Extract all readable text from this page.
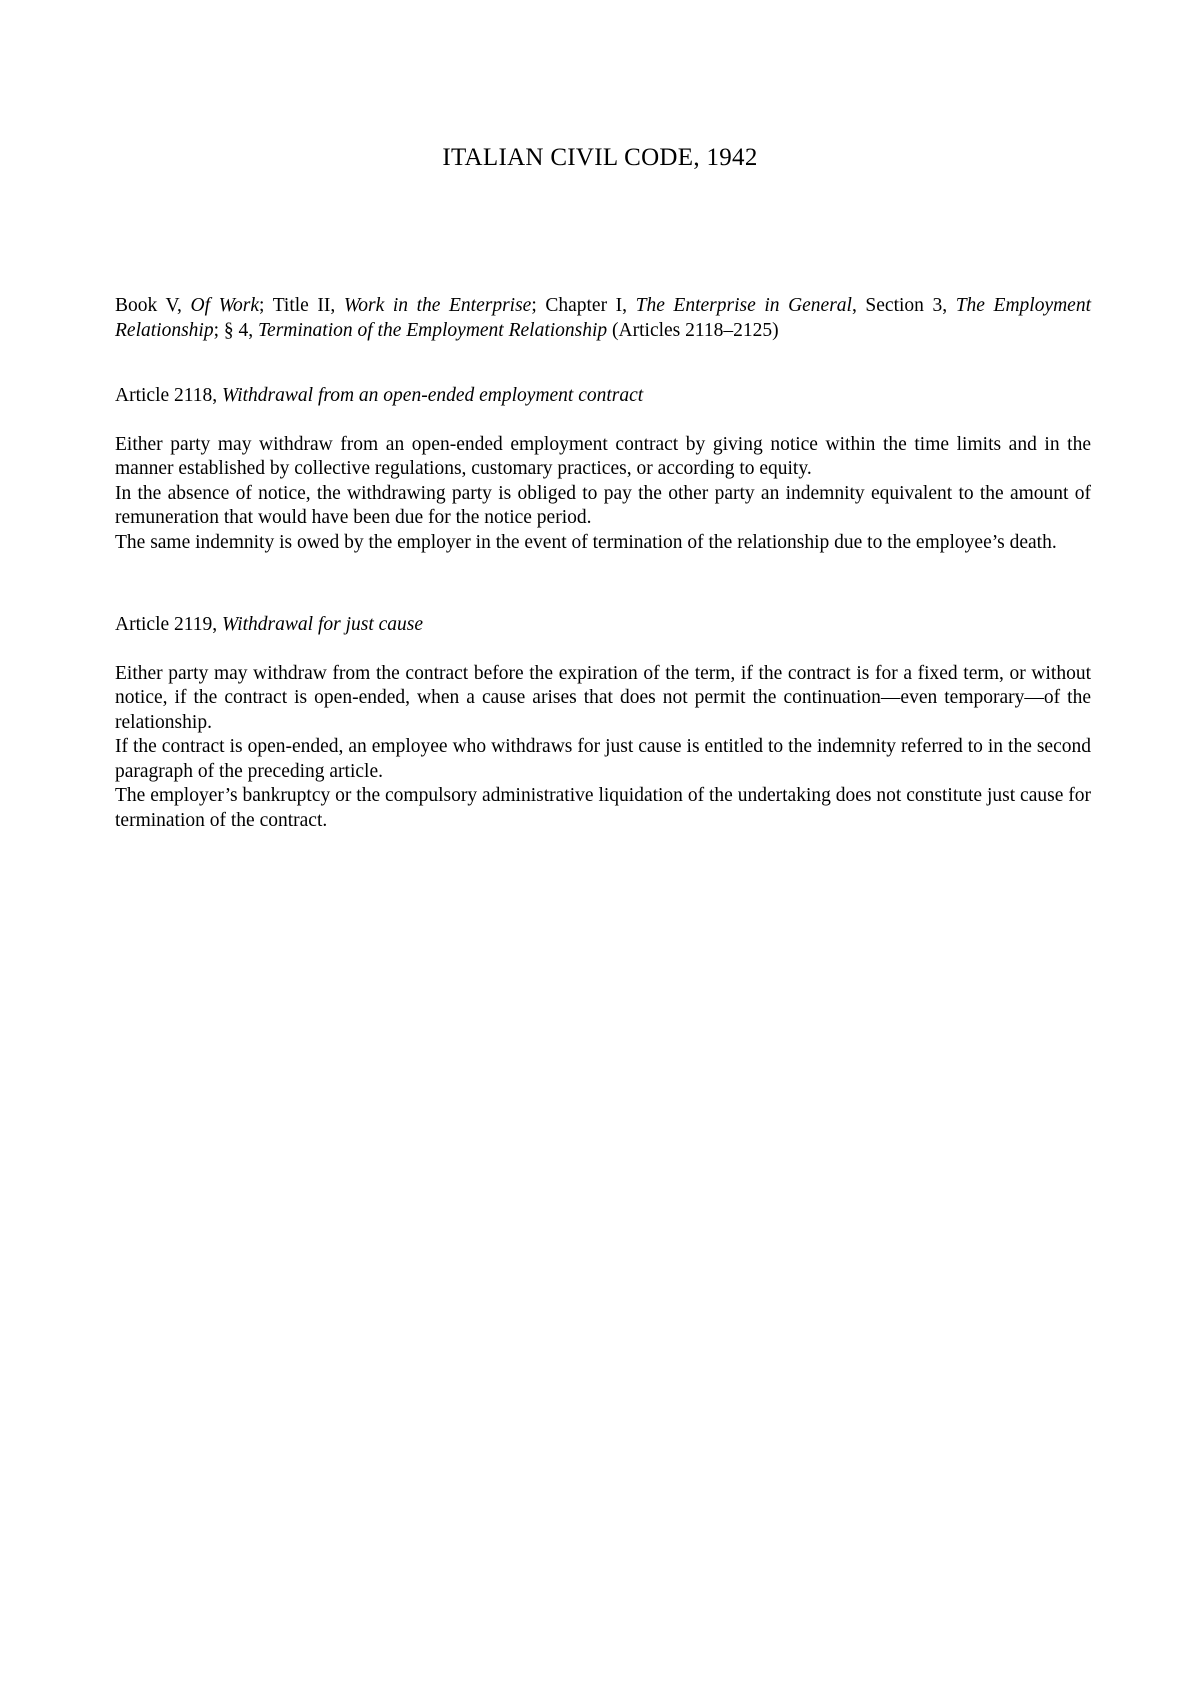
ITALIAN CIVIL CODE, 1942

Book V, Of Work; Title II, Work in the Enterprise; Chapter I, The Enterprise in General, Section 3, The Employment Relationship; § 4, Termination of the Employment Relationship (Articles 2118–2125)

Article 2118, Withdrawal from an open-ended employment contract

Either party may withdraw from an open-ended employment contract by giving notice within the time limits and in the manner established by collective regulations, customary practices, or according to equity.

In the absence of notice, the withdrawing party is obliged to pay the other party an indemnity equivalent to the amount of remuneration that would have been due for the notice period.

The same indemnity is owed by the employer in the event of termination of the relationship due to the employee’s death.

Article 2119, Withdrawal for just cause

Either party may withdraw from the contract before the expiration of the term, if the contract is for a fixed term, or without notice, if the contract is open-ended, when a cause arises that does not permit the continuation—even temporary—of the relationship.

If the contract is open-ended, an employee who withdraws for just cause is entitled to the indemnity referred to in the second paragraph of the preceding article.

The employer’s bankruptcy or the compulsory administrative liquidation of the undertaking does not constitute just cause for termination of the contract.
